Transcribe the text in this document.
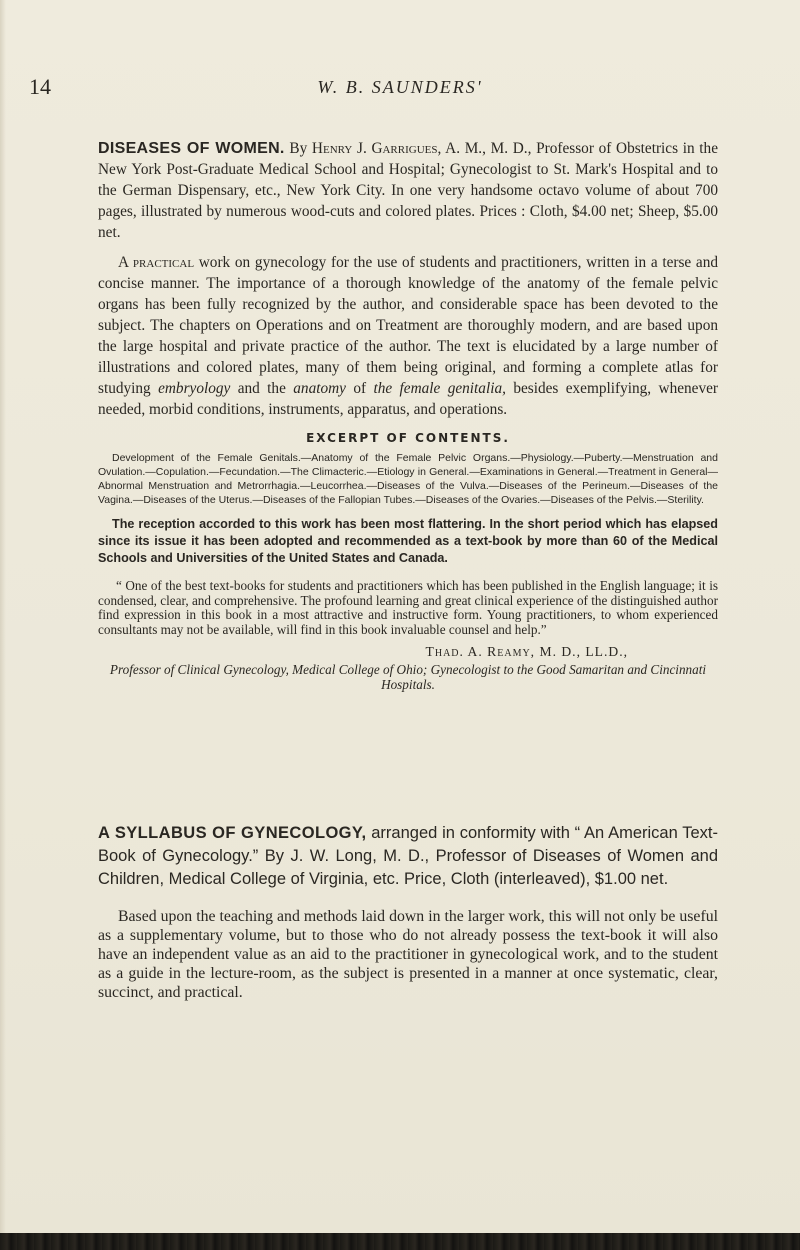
14	W. B. SAUNDERS'

DISEASES OF WOMEN. By Henry J. Garrigues, A. M., M. D., Professor of Obstetrics in the New York Post-Graduate Medical School and Hospital; Gynecologist to St. Mark's Hospital and to the German Dispensary, etc., New York City. In one very handsome octavo volume of about 700 pages, illustrated by numerous wood-cuts and colored plates. Prices : Cloth, $4.00 net; Sheep, $5.00 net.

A practical work on gynecology for the use of students and practitioners, written in a terse and concise manner. The importance of a thorough knowledge of the anatomy of the female pelvic organs has been fully recognized by the author, and considerable space has been devoted to the subject. The chapters on Operations and on Treatment are thoroughly modern, and are based upon the large hospital and private practice of the author. The text is elucidated by a large number of illustrations and colored plates, many of them being original, and forming a complete atlas for studying embryology and the anatomy of the female genitalia, besides exemplifying, whenever needed, morbid conditions, instruments, apparatus, and operations.

EXCERPT OF CONTENTS.

Development of the Female Genitals.—Anatomy of the Female Pelvic Organs.—Physiology.—Puberty.—Menstruation and Ovulation.—Copulation.—Fecundation.—The Climacteric.—Etiology in General.—Examinations in General.—Treatment in General—Abnormal Menstruation and Metrorrhagia.—Leucorrhea.—Diseases of the Vulva.—Diseases of the Perineum.—Diseases of the Vagina.—Diseases of the Uterus.—Diseases of the Fallopian Tubes.—Diseases of the Ovaries.—Diseases of the Pelvis.—Sterility.

The reception accorded to this work has been most flattering. In the short period which has elapsed since its issue it has been adopted and recommended as a text-book by more than 60 of the Medical Schools and Universities of the United States and Canada.

“ One of the best text-books for students and practitioners which has been published in the English language; it is condensed, clear, and comprehensive. The profound learning and great clinical experience of the distinguished author find expression in this book in a most attractive and instructive form. Young practitioners, to whom experienced consultants may not be available, will find in this book invaluable counsel and help.”

Thad. A. Reamy, M. D., LL.D.,
Professor of Clinical Gynecology, Medical College of Ohio; Gynecologist to the Good Samaritan and Cincinnati Hospitals.

A SYLLABUS OF GYNECOLOGY, arranged in conformity with “ An American Text-Book of Gynecology.” By J. W. Long, M. D., Professor of Diseases of Women and Children, Medical College of Virginia, etc. Price, Cloth (interleaved), $1.00 net.

Based upon the teaching and methods laid down in the larger work, this will not only be useful as a supplementary volume, but to those who do not already possess the text-book it will also have an independent value as an aid to the practitioner in gynecological work, and to the student as a guide in the lecture-room, as the subject is presented in a manner at once systematic, clear, succinct, and practical.
